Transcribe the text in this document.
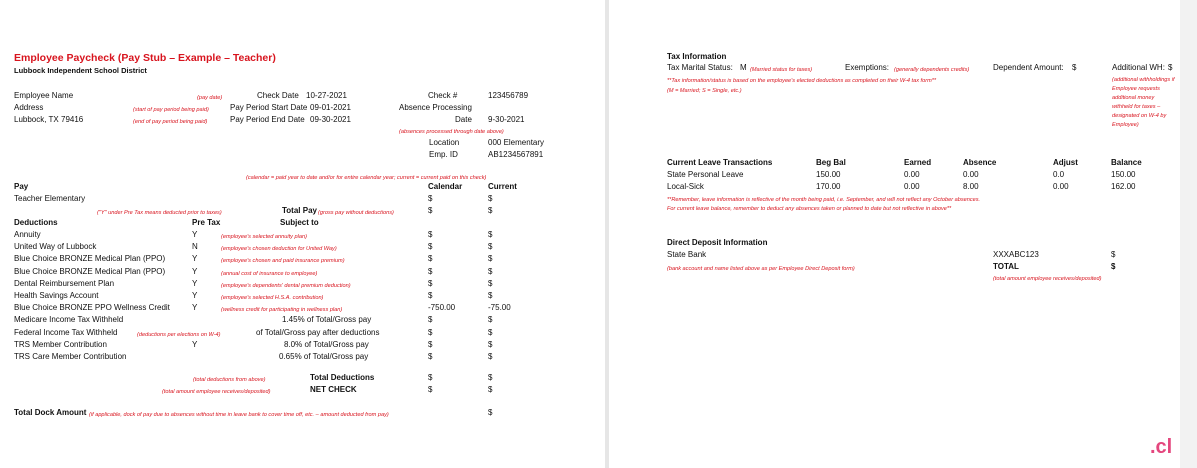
Employee Paycheck (Pay Stub – Example – Teacher)
Lubbock Independent School District
Employee Name
Address
Lubbock, TX 79416
(pay date)
(start of pay period being paid)
(end of pay period being paid)
Check Date 10-27-2021
Pay Period Start Date 09-01-2021
Pay Period End Date 09-30-2021
Check #	123456789
Absence Processing
Date 9-30-2021
(absences processed through date above)
Location	000 Elementary
Emp. ID	AB1234567891
(calendar = paid year to date and/or for entire calendar year; current = current paid on this check)
Pay	Calendar	Current
Teacher Elementary	$	$
("Y" under Pre Tax means deducted prior to taxes)	Total Pay (gross pay without deductions)	$	$
Deductions	Pre Tax	Subject to
Annuity	Y	(employee's selected annuity plan)	$	$
United Way of Lubbock	N	(employee's chosen deduction for United Way)	$	$
Blue Choice BRONZE Medical Plan (PPO)	Y	(employee's chosen and paid insurance premium)	$	$
Blue Choice BRONZE Medical Plan (PPO)	Y	(annual cost of insurance to employee)	$	$
Dental Reimbursement Plan	Y	(employee's dependents' dental premium deduction)	$	$
Health Savings Account	Y	(employee's selected H.S.A. contribution)	$	$
Blue Choice BRONZE PPO Wellness Credit	Y	(wellness credit for participating in wellness plan)	-750.00	-75.00
Medicare Income Tax Withheld	1.45% of Total/Gross pay	$	$
Federal Income Tax Withheld	(deductions per elections on W-4)	of Total/Gross pay after deductions	$	$
TRS Member Contribution	Y	8.0% of Total/Gross pay	$	$
TRS Care Member Contribution	0.65% of Total/Gross pay	$	$
(total deductions from above)	Total Deductions	$	$
(total amount employee receives/deposited)	NET CHECK	$	$
Total Dock Amount (if applicable, dock of pay due to absences without time in leave bank to cover time off, etc. – amount deducted from pay)	$
Tax Information
Tax Marital Status: M (Married status for taxes)	Exemptions: (generally dependents credits)	Dependent Amount: $	Additional WH: $
**Tax information/status is based on the employee's elected deductions as completed on their W-4 tax form**
(M = Married; S = Single, etc.)
(additional withholdings if
Employee requests
additional money
withheld for taxes –
designated on W-4 by
Employee)
Current Leave Transactions	Beg Bal	Earned	Absence	Adjust	Balance
State Personal Leave	150.00	0.00	0.00	0.0	150.00
Local-Sick	170.00	0.00	8.00	0.00	162.00
**Remember, leave information is reflective of the month being paid, i.e. September, and will not reflect any October absences.
For current leave balance, remember to deduct any absences taken or planned to date but not reflective in above**
Direct Deposit Information
State Bank	XXXABC123	$
(bank account and name listed above as per Employee Direct Deposit form)	TOTAL	$
(total amount employee receives/deposited)
.cl
